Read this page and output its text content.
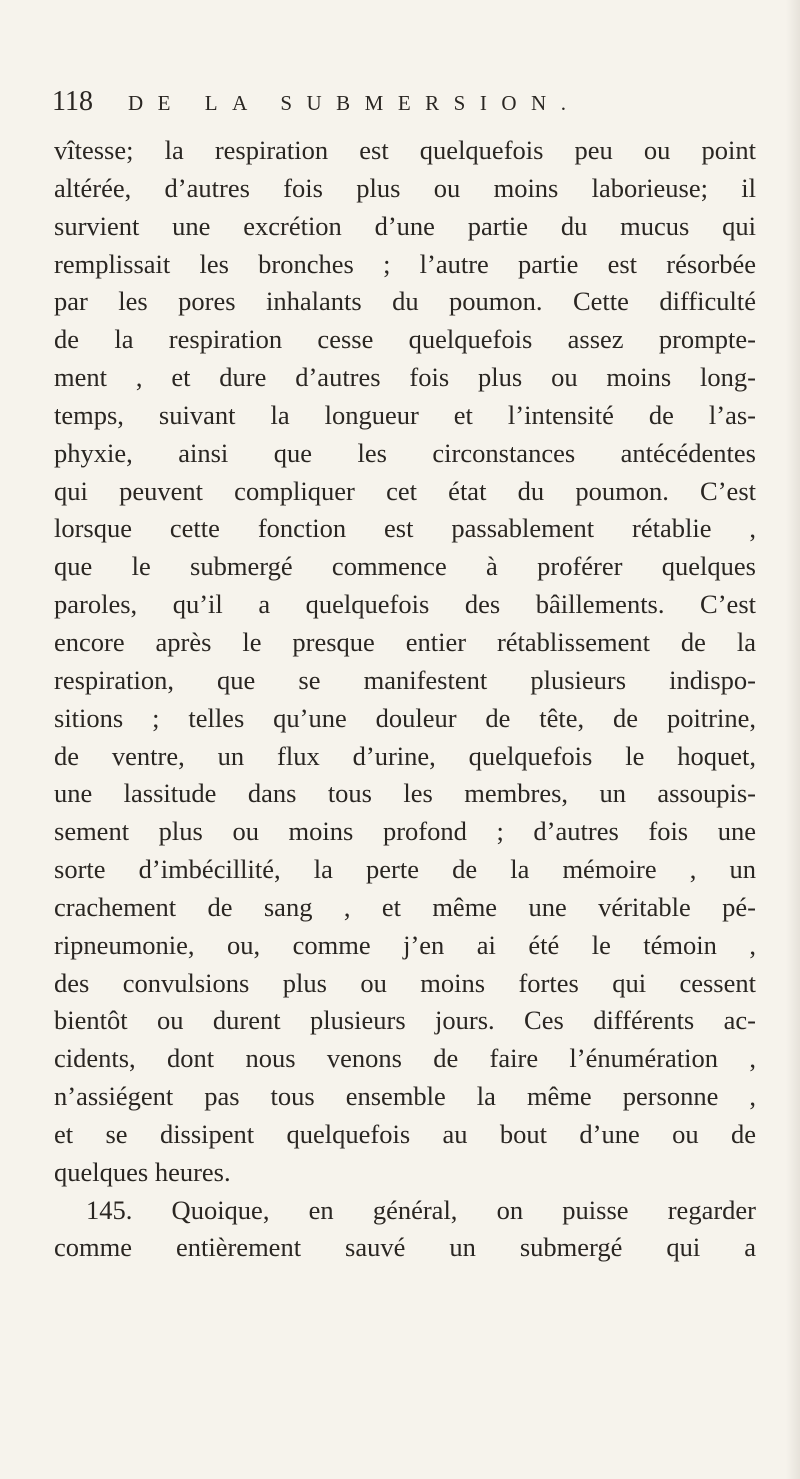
118 DE LA SUBMERSION.
vîtesse; la respiration est quelquefois peu ou point
altérée, d’autres fois plus ou moins laborieuse; il
survient une excrétion d’une partie du mucus qui
remplissait les bronches ; l’autre partie est résorbée
par les pores inhalants du poumon. Cette difficulté
de la respiration cesse quelquefois assez prompte-
ment , et dure d’autres fois plus ou moins long-
temps, suivant la longueur et l’intensité de l’as-
phyxie, ainsi que les circonstances antécédentes
qui peuvent compliquer cet état du poumon. C’est
lorsque cette fonction est passablement rétablie ,
que le submergé commence à proférer quelques
paroles, qu’il a quelquefois des bâillements. C’est
encore après le presque entier rétablissement de la
respiration, que se manifestent plusieurs indispo-
sitions ; telles qu’une douleur de tête, de poitrine,
de ventre, un flux d’urine, quelquefois le hoquet,
une lassitude dans tous les membres, un assoupis-
sement plus ou moins profond ; d’autres fois une
sorte d’imbécillité, la perte de la mémoire , un
crachement de sang , et même une véritable pé-
ripneumonie, ou, comme j’en ai été le témoin ,
des convulsions plus ou moins fortes qui cessent
bientôt ou durent plusieurs jours. Ces différents ac-
cidents, dont nous venons de faire l’énumération ,
n’assiégent pas tous ensemble la même personne ,
et se dissipent quelquefois au bout d’une ou de
quelques heures.
145. Quoique, en général, on puisse regarder
comme entièrement sauvé un submergé qui a
